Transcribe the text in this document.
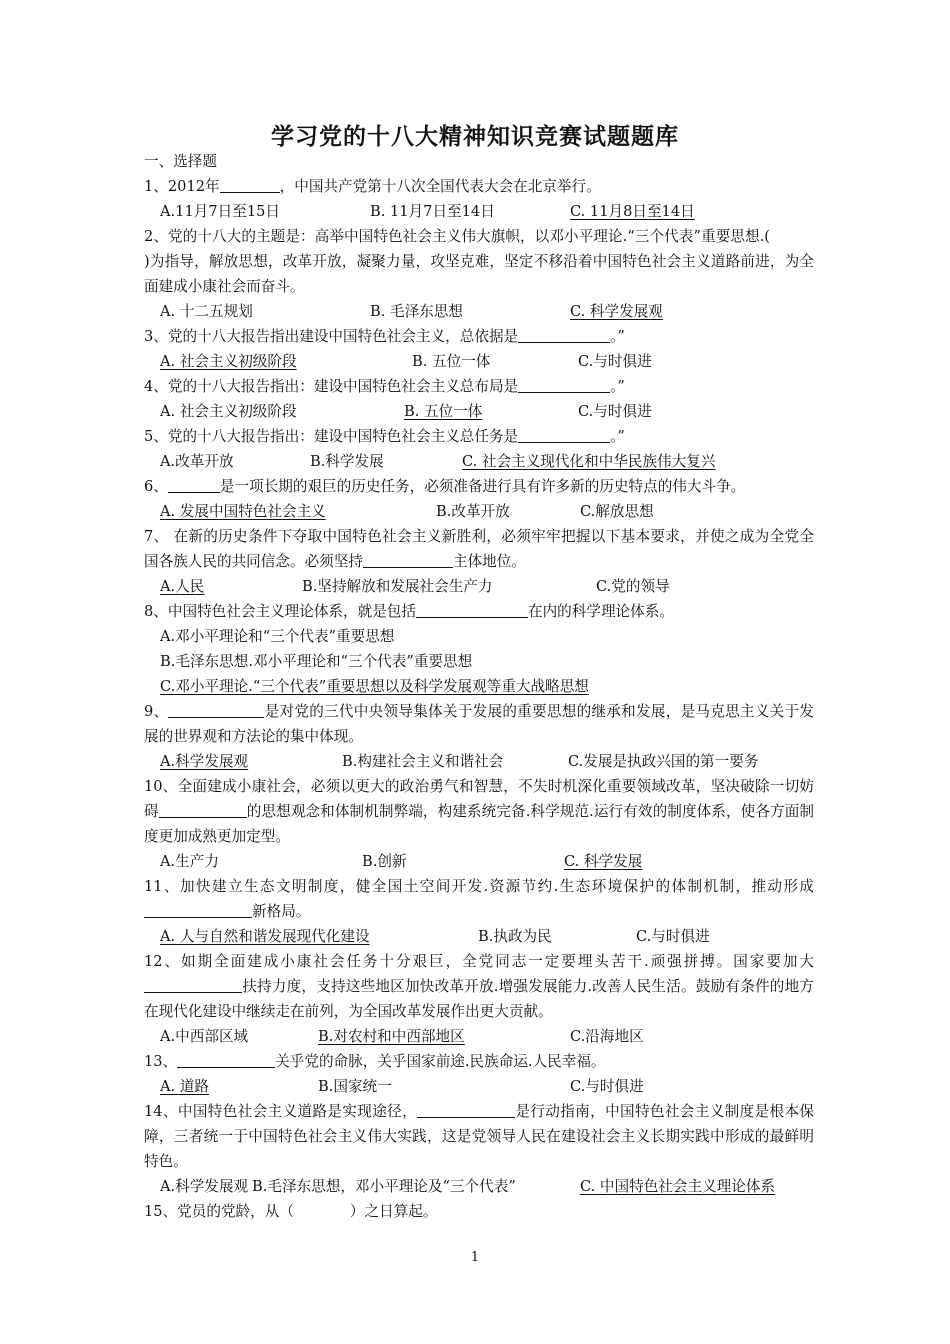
学习党的十八大精神知识竞赛试题题库
一、选择题
1、2012年	，中国共产党第十八次全国代表大会在北京举行。
A.11月7日至15日	B. 11月7日至14日	C. 11月8日至14日
2、党的十八大的主题是：高举中国特色社会主义伟大旗帜，以邓小平理论.“三个代表”重要思想.()为指导，解放思想，改革开放，凝聚力量，攻坚克难，坚定不移沿着中国特色社会主义道路前进，为全面建成小康社会而奋斗。
A. 十二五规划	B. 毛泽东思想	C. 科学发展观
3、党的十八大报告指出建设中国特色社会主义，总依据是	。”
A. 社会主义初级阶段	B. 五位一体	C.与时俱进
4、党的十八大报告指出：建设中国特色社会主义总布局是	。”
A. 社会主义初级阶段	B. 五位一体	C.与时俱进
5、党的十八大报告指出：建设中国特色社会主义总任务是	。”
A.改革开放	B.科学发展	C. 社会主义现代化和中华民族伟大复兴
6、	是一项长期的艰巨的历史任务，必须准备进行具有许多新的历史特点的伟大斗争。
A. 发展中国特色社会主义	B.改革开放	C.解放思想
7、 在新的历史条件下夺取中国特色社会主义新胜利，必须牢牢把握以下基本要求，并使之成为全党全国各族人民的共同信念。必须坚持	主体地位。
A.人民	B.坚持解放和发展社会生产力	C.党的领导
8、中国特色社会主义理论体系，就是包括	在内的科学理论体系。
A.邓小平理论和“三个代表”重要思想
B.毛泽东思想.邓小平理论和“三个代表”重要思想
C.邓小平理论.“三个代表”重要思想以及科学发展观等重大战略思想
9、	是对党的三代中央领导集体关于发展的重要思想的继承和发展，是马克思主义关于发展的世界观和方法论的集中体现。
A.科学发展观	B.构建社会主义和谐社会	C.发展是执政兴国的第一要务
10、全面建成小康社会，必须以更大的政治勇气和智慧，不失时机深化重要领域改革，坚决破除一切妨碍	的思想观念和体制机制弊端，构建系统完备.科学规范.运行有效的制度体系，使各方面制度更加成熟更加定型。
A.生产力	B.创新	C. 科学发展
11、加快建立生态文明制度，健全国土空间开发.资源节约.生态环境保护的体制机制，推动形成新格局。
A. 人与自然和谐发展现代化建设	B.执政为民	C.与时俱进
12、如期全面建成小康社会任务十分艰巨，全党同志一定要埋头苦干.顽强拼搏。国家要加大扶持力度，支持这些地区加快改革开放.增强发展能力.改善人民生活。鼓励有条件的地方在现代化建设中继续走在前列，为全国改革发展作出更大贡献。
A.中西部区域	B.对农村和中西部地区	C.沿海地区
13、	关乎党的命脉，关乎国家前途.民族命运.人民幸福。
A. 道路	B.国家统一	C.与时俱进
14、中国特色社会主义道路是实现途径，	是行动指南，中国特色社会主义制度是根本保障，三者统一于中国特色社会主义伟大实践，这是党领导人民在建设社会主义长期实践中形成的最鲜明特色。
A.科学发展观 B.毛泽东思想，邓小平理论及“三个代表”	C. 中国特色社会主义理论体系
15、党员的党龄，从（	）之日算起。
1
